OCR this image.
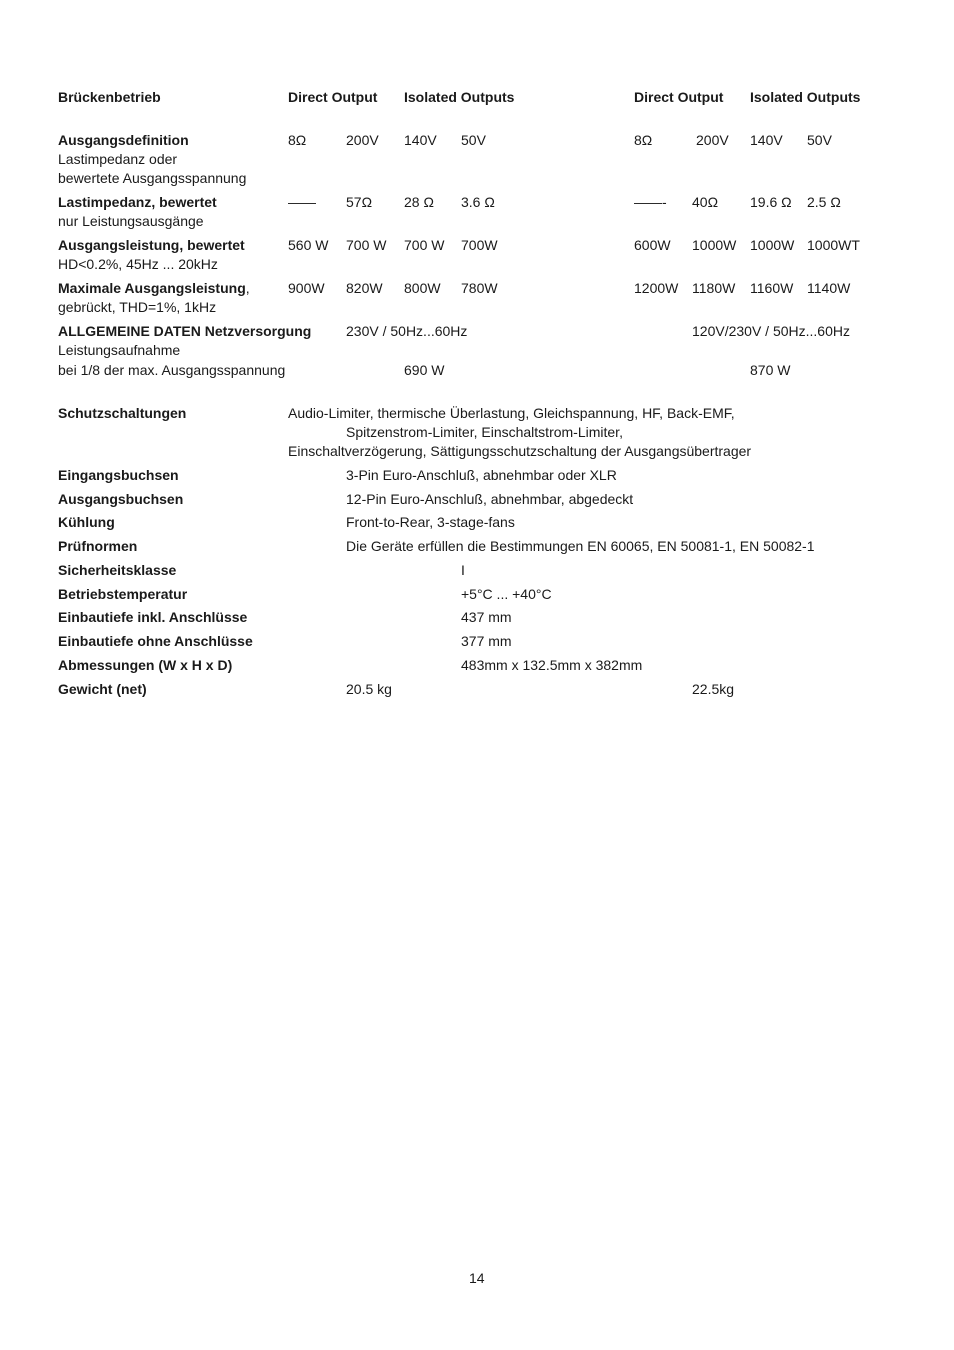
Brückenbetrieb	Direct Output Isolated Outputs	Direct Output Isolated Outputs
Ausgangsdefinition
Lastimpedanz oder
bewertete Ausgangsspannung
8Ω	200V 140V 50V	8Ω	200V 140V 50V
Lastimpedanz, bewertet
nur Leistungsausgänge
—— 57Ω 28 Ω 3.6 Ω	——- 40Ω 19.6 Ω 2.5 Ω
Ausgangsleistung, bewertet
HD<0.2%, 45Hz ... 20kHz
560 W 700 W 700 W 700W	600W 1000W 1000W 1000WT
Maximale Ausgangsleistung,
gebrückt, THD=1%, 1kHz
900W 820W 800W 780W	1200W 1180W 1160W 1140W
ALLGEMEINE DATEN Netzversorgung 230V / 50Hz...60Hz	120V/230V / 50Hz...60Hz
Leistungsaufnahme
bei 1/8 der max. Ausgangsspannung	690 W	870 W
Schutzschaltungen	Audio-Limiter, thermische Überlastung, Gleichspannung, HF, Back-EMF,
Spitzenstrom-Limiter, Einschaltstrom-Limiter,
Einschaltverzögerung, Sättigungsschutzschaltung der Ausgangsübertrager
Eingangsbuchsen	3-Pin Euro-Anschluß, abnehmbar oder XLR
Ausgangsbuchsen	12-Pin Euro-Anschluß, abnehmbar, abgedeckt
Kühlung	Front-to-Rear, 3-stage-fans
Prüfnormen	Die Geräte erfüllen die Bestimmungen EN 60065, EN 50081-1, EN 50082-1
Sicherheitsklasse	I
Betriebstemperatur	+5°C ... +40°C
Einbautiefe inkl. Anschlüsse	437 mm
Einbautiefe ohne Anschlüsse	377 mm
Abmessungen (W x H x D)	483mm x 132.5mm x 382mm
Gewicht (net)	20.5 kg	22.5kg
14
